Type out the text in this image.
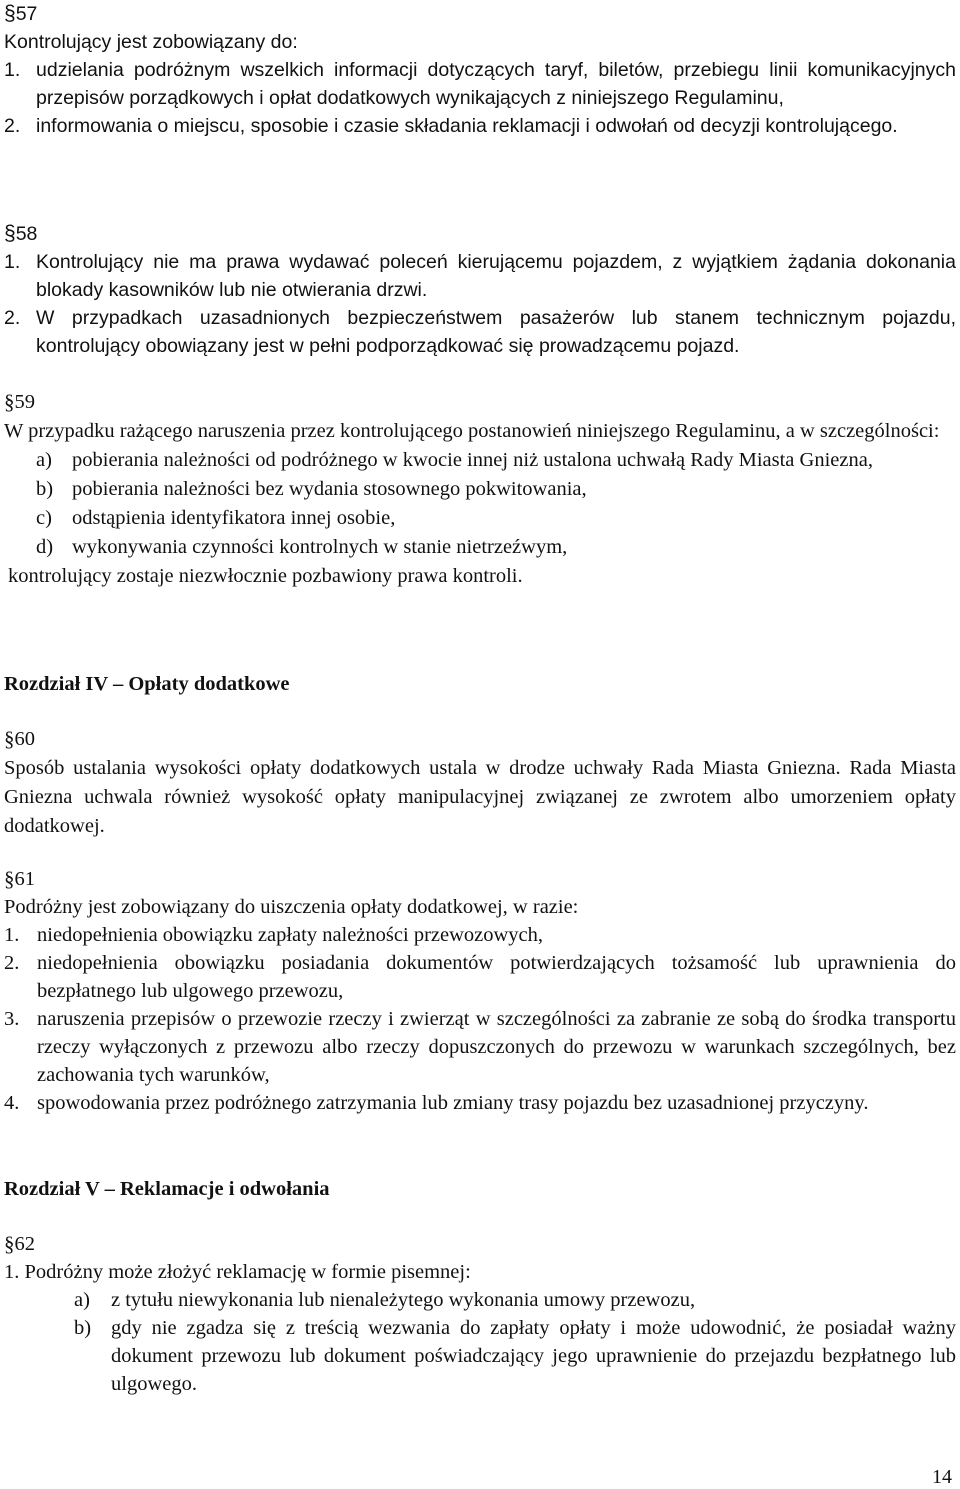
§ 57

Kontrolujący jest zobowiązany do:

1. udzielania podróżnym wszelkich informacji dotyczących taryf, biletów, przebiegu linii komunikacyjnych przepisów porządkowych i opłat dodatkowych wynikających z niniejszego Regulaminu,
2. informowania o miejscu, sposobie i czasie składania reklamacji i odwołań od decyzji kontrolującego.
§ 58
1. Kontrolujący nie ma prawa wydawać poleceń kierującemu pojazdem, z wyjątkiem żądania dokonania blokady kasowników lub nie otwierania drzwi.
2. W przypadkach uzasadnionych bezpieczeństwem pasażerów lub stanem technicznym pojazdu, kontrolujący obowiązany jest w pełni podporządkować się prowadzącemu pojazd.
§ 59

W przypadku rażącego naruszenia przez kontrolującego postanowień niniejszego Regulaminu, a w szczególności:

a) pobierania należności od podróżnego w kwocie innej niż ustalona uchwałą Rady Miasta Gniezna,
b) pobierania należności bez wydania stosownego pokwitowania,
c) odstąpienia identyfikatora innej osobie,
d) wykonywania czynności kontrolnych w stanie nietrzeźwym,

kontrolujący zostaje niezwłocznie pozbawiony prawa kontroli.

Rozdział IV – Opłaty dodatkowe
§ 60

Sposób ustalania wysokości opłaty dodatkowych ustala w drodze uchwały Rada Miasta Gniezna. Rada Miasta Gniezna uchwala również wysokość opłaty manipulacyjnej związanej ze zwrotem albo umorzeniem opłaty dodatkowej.

§ 61

Podróżny jest zobowiązany do uiszczenia opłaty dodatkowej, w razie:

1. niedopełnienia obowiązku zapłaty należności przewozowych,
2. niedopełnienia obowiązku posiadania dokumentów potwierdzających tożsamość lub uprawnienia do bezpłatnego lub ulgowego przewozu,
3. naruszenia przepisów o przewozie rzeczy i zwierząt w szczególności za zabranie ze sobą do środka transportu rzeczy wyłączonych z przewozu albo rzeczy dopuszczonych do przewozu w warunkach szczególnych, bez zachowania tych warunków,
4. spowodowania przez podróżnego zatrzymania lub zmiany trasy pojazdu bez uzasadnionej przyczyny.
Rozdział V – Reklamacje i odwołania
§ 62

1. Podróżny może złożyć reklamację w formie pisemnej:

a)	z tytułu niewykonania lub nienależytego wykonania umowy przewozu,
b) gdy nie zgadza się z treścią wezwania do zapłaty opłaty i może udowodnić, że posiadał ważny dokument przewozu lub dokument poświadczający jego uprawnienie do przejazdu bezpłatnego lub ulgowego.
14
